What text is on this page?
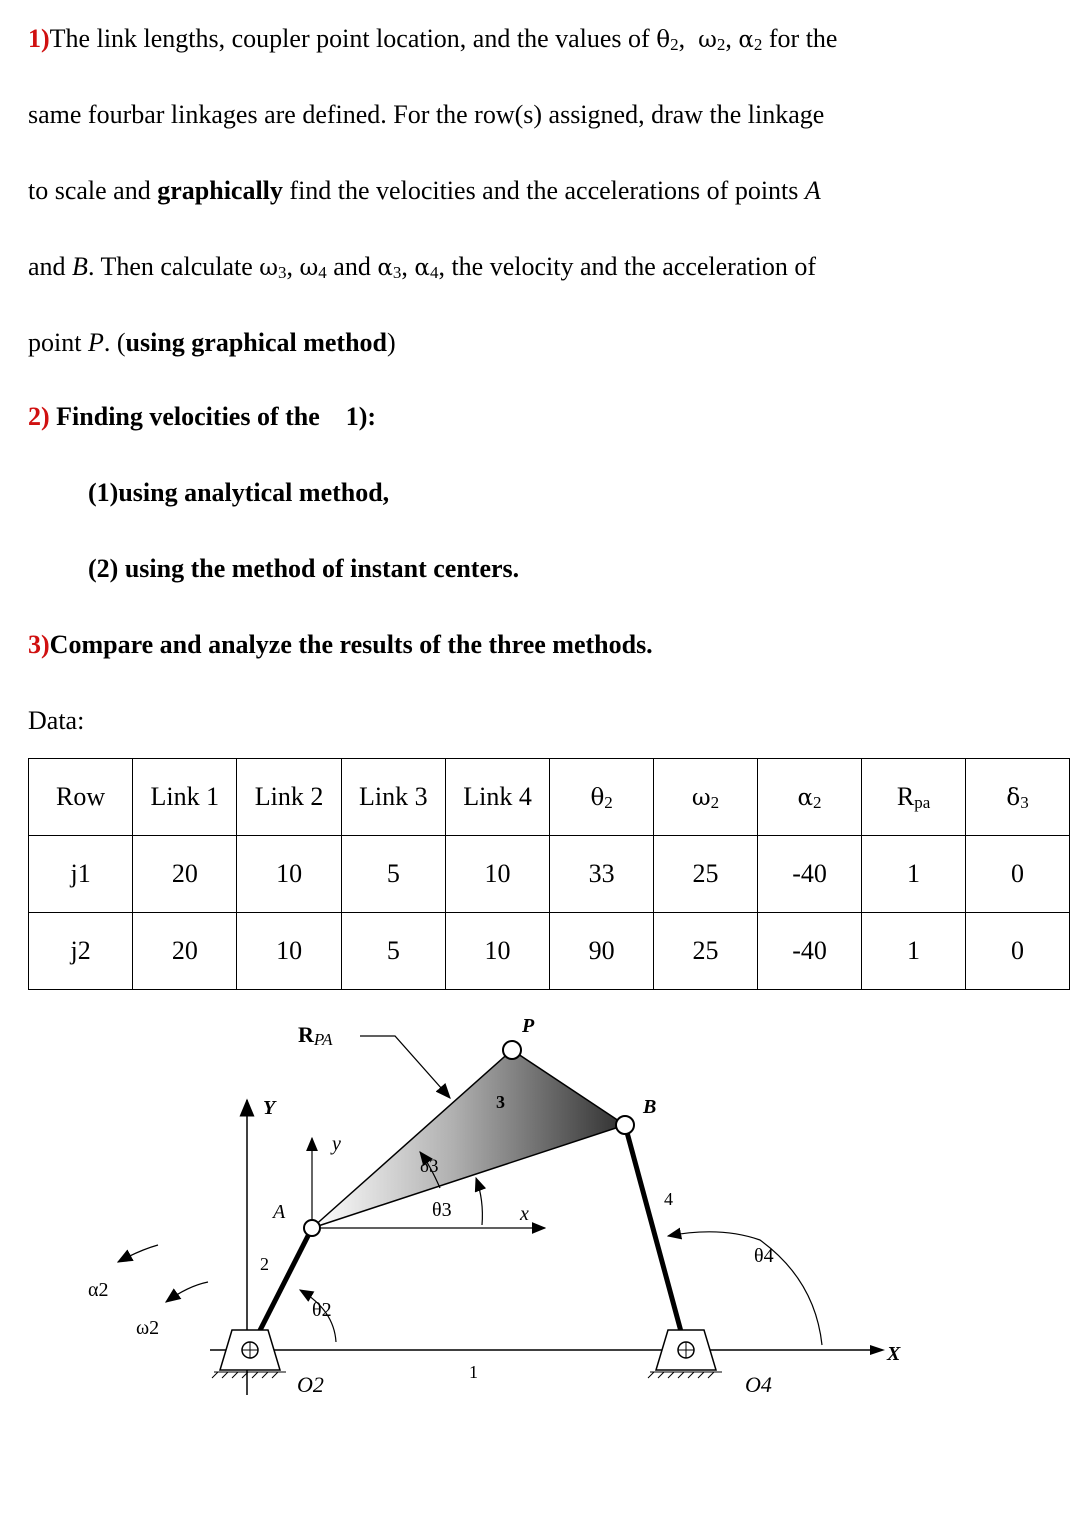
1)The link lengths, coupler point location, and the values of θ2, ω2, α2 for the
same fourbar linkages are defined. For the row(s) assigned, draw the linkage
to scale and graphically find the velocities and the accelerations of points A
and B. Then calculate ω3, ω4 and α3, α4, the velocity and the acceleration of
point P. (using graphical method)
2) Finding velocities of the    1):
(1)using analytical method,
(2) using the method of instant centers.
3)Compare and analyze the results of the three methods.
Data:
Row	Link 1	Link 2	Link 3	Link 4	θ2	ω2	α2	Rpa	δ3
j1	20	10	5	10	33	25	-40	1	0
j2	20	10	5	10	90	25	-40	1	0
RPA
P
B
A
Y
y
x
X
3
4
2
1
δ3
θ3
θ4
θ2
α2
ω2
O2	O4
